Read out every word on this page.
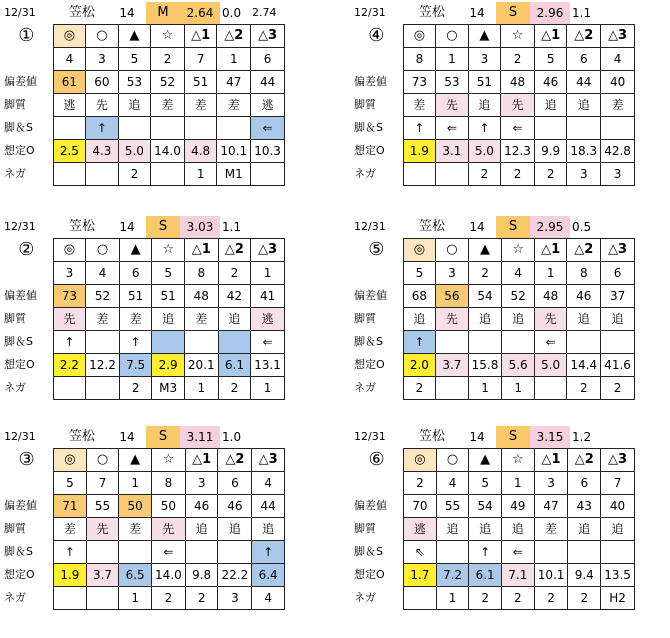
12/31	笠松	14	M	2.64 0.0 2.74
①	◎	○	▲	☆	△1	△2	△3
	4	3	5	2	7	1	6
偏差値	61	60	53	52	51	47	44
脚質	逃	先	追	差	差	差	逃
脚＆S		↑					⇐
想定O	2.5	4.3	5.0	14.0	4.8	10.1	10.3
ネガ			2		1	M1	
12/31	笠松	14	S	2.96 1.1
④	◎	○	▲	☆	△1	△2	△3
	8	1	3	2	5	6	4
偏差値	73	53	51	48	46	44	40
脚質	差	先	追	先	追	追	差
脚＆S	↑	⇐	↑	⇐			
想定O	1.9	3.1	5.0	12.3	9.9	18.3	42.8
ネガ			2	2	2	3	3
12/31	笠松	14	S	3.03 1.1
②	◎	○	▲	☆	△1	△2	△3
	3	4	6	5	8	2	1
偏差値	73	52	51	51	48	42	41
脚質	先	差	差	追	差	追	逃
脚＆S	↑		↑				⇐
想定O	2.2	12.2	7.5	2.9	20.1	6.1	13.1
ネガ			2	M3	1	2	1
12/31	笠松	14	S	2.95 0.5
⑤	◎	○	▲	☆	△1	△2	△3
	5	3	2	4	1	8	6
偏差値	68	56	54	52	48	46	37
脚質	追	先	追	追	先	追	追
脚＆S	↑				⇐		
想定O	2.0	3.7	15.8	5.6	5.0	14.4	41.6
ネガ	2		1	1		2	2
12/31	笠松	14	S	3.11 1.0
③	◎	○	▲	☆	△1	△2	△3
	5	7	1	8	3	6	4
偏差値	71	55	50	50	46	46	44
脚質	差	先	差	先	追	追	追
脚＆S	↑			⇐			↑
想定O	1.9	3.7	6.5	14.0	9.8	22.2	6.4
ネガ			1	2	2	3	4
12/31	笠松	14	S	3.15 1.2
⑥	◎	○	▲	☆	△1	△2	△3
	2	4	5	1	3	6	7
偏差値	70	55	54	49	47	43	40
脚質	逃	追	追	追	差	追	追
脚＆S	⇖		↑	⇐			
想定O	1.7	7.2	6.1	7.1	10.1	9.4	13.5
ネガ		1	2	2	2	2	H2
